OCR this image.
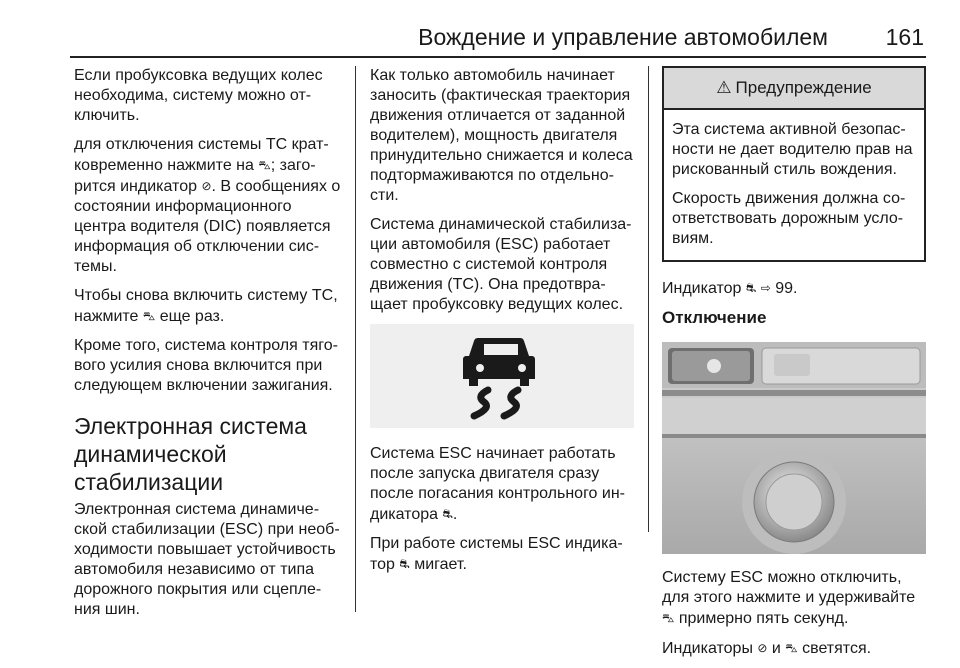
Вождение и управление автомобилем	161

Если пробуксовка ведущих колес необходима, систему можно от-ключить.

для отключения системы TC крат-ковременно нажмите на ⛍; заго-рится индикатор ⊘. В сообщениях о состоянии информационного центра водителя (DIC) появляется информация об отключении сис-темы.

Чтобы снова включить систему TC, нажмите ⛍ еще раз.

Кроме того, система контроля тяго-вого усилия снова включится при следующем включении зажигания.

Электронная система динамической стабилизации

Электронная система динамиче-ской стабилизации (ESC) при необ-ходимости повышает устойчивость автомобиля независимо от типа дорожного покрытия или сцепле-ния шин.

Как только автомобиль начинает заносить (фактическая траектория движения отличается от заданной водителем), мощность двигателя принудительно снижается и колеса подтормаживаются по отдельно-сти.

Система динамической стабилиза-ции автомобиля (ESC) работает совместно с системой контроля движения (TC). Она предотвра-щает пробуксовку ведущих колес.

Система ESC начинает работать после запуска двигателя сразу после погасания контрольного ин-дикатора ⛐.

При работе системы ESC индика-тор ⛐ мигает.

⚠ Предупреждение

Эта система активной безопас-ности не дает водителю прав на рискованный стиль вождения.

Скорость движения должна со-ответствовать дорожным усло-виям.

Индикатор ⛐ ⇨ 99.

Отключение

Систему ESC можно отключить, для этого нажмите и удерживайте ⛍ примерно пять секунд.

Индикаторы ⊘ и ⛍ светятся.
